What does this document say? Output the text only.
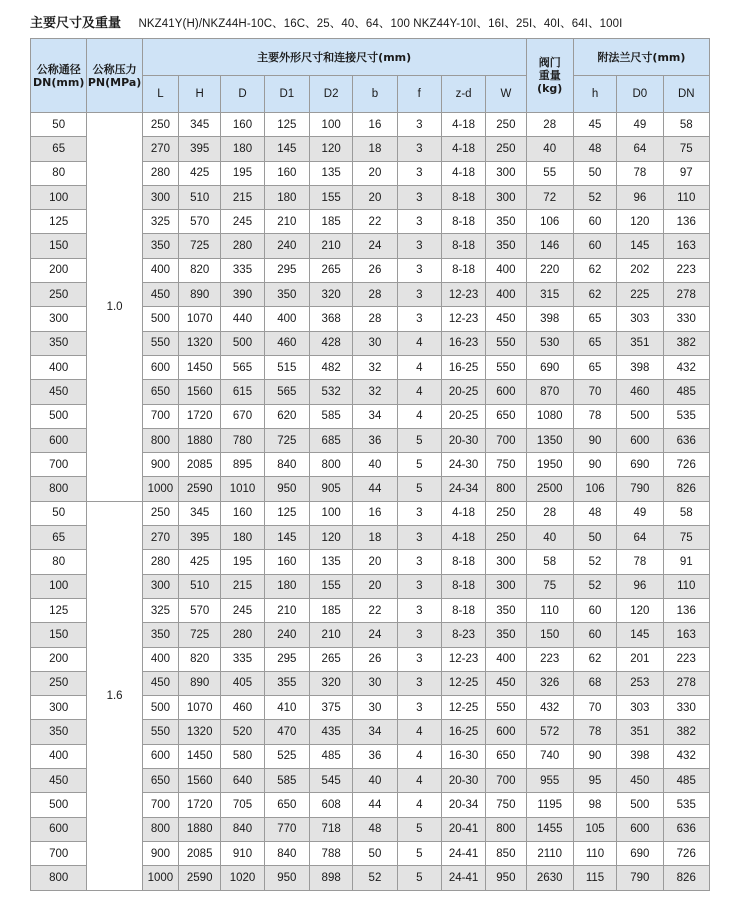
主要尺寸及重量 NKZ41Y(H)/NKZ44H-10C、16C、25、40、64、100 NKZ44Y-10I、16I、25I、40I、64I、100I
公称通径
DN(mm)	公称压力
PN(MPa)	主要外形尺寸和连接尺寸(mm)									阀门
重量
(kg)	附法兰尺寸(mm)		
		L	H	D	D1	D2	b	f	z-d	W		h	D0	DN
50	1.0	250	345	160	125	100	16	3	4-18	250	28	45	49	58
65		270	395	180	145	120	18	3	4-18	250	40	48	64	75
80		280	425	195	160	135	20	3	4-18	300	55	50	78	97
100		300	510	215	180	155	20	3	8-18	300	72	52	96	110
125		325	570	245	210	185	22	3	8-18	350	106	60	120	136
150		350	725	280	240	210	24	3	8-18	350	146	60	145	163
200		400	820	335	295	265	26	3	8-18	400	220	62	202	223
250		450	890	390	350	320	28	3	12-23	400	315	62	225	278
300		500	1070	440	400	368	28	3	12-23	450	398	65	303	330
350		550	1320	500	460	428	30	4	16-23	550	530	65	351	382
400		600	1450	565	515	482	32	4	16-25	550	690	65	398	432
450		650	1560	615	565	532	32	4	20-25	600	870	70	460	485
500		700	1720	670	620	585	34	4	20-25	650	1080	78	500	535
600		800	1880	780	725	685	36	5	20-30	700	1350	90	600	636
700		900	2085	895	840	800	40	5	24-30	750	1950	90	690	726
800		1000	2590	1010	950	905	44	5	24-34	800	2500	106	790	826
50	1.6	250	345	160	125	100	16	3	4-18	250	28	48	49	58
65		270	395	180	145	120	18	3	4-18	250	40	50	64	75
80		280	425	195	160	135	20	3	8-18	300	58	52	78	91
100		300	510	215	180	155	20	3	8-18	300	75	52	96	110
125		325	570	245	210	185	22	3	8-18	350	110	60	120	136
150		350	725	280	240	210	24	3	8-23	350	150	60	145	163
200		400	820	335	295	265	26	3	12-23	400	223	62	201	223
250		450	890	405	355	320	30	3	12-25	450	326	68	253	278
300		500	1070	460	410	375	30	3	12-25	550	432	70	303	330
350		550	1320	520	470	435	34	4	16-25	600	572	78	351	382
400		600	1450	580	525	485	36	4	16-30	650	740	90	398	432
450		650	1560	640	585	545	40	4	20-30	700	955	95	450	485
500		700	1720	705	650	608	44	4	20-34	750	1195	98	500	535
600		800	1880	840	770	718	48	5	20-41	800	1455	105	600	636
700		900	2085	910	840	788	50	5	24-41	850	2110	110	690	726
800		1000	2590	1020	950	898	52	5	24-41	950	2630	115	790	826
